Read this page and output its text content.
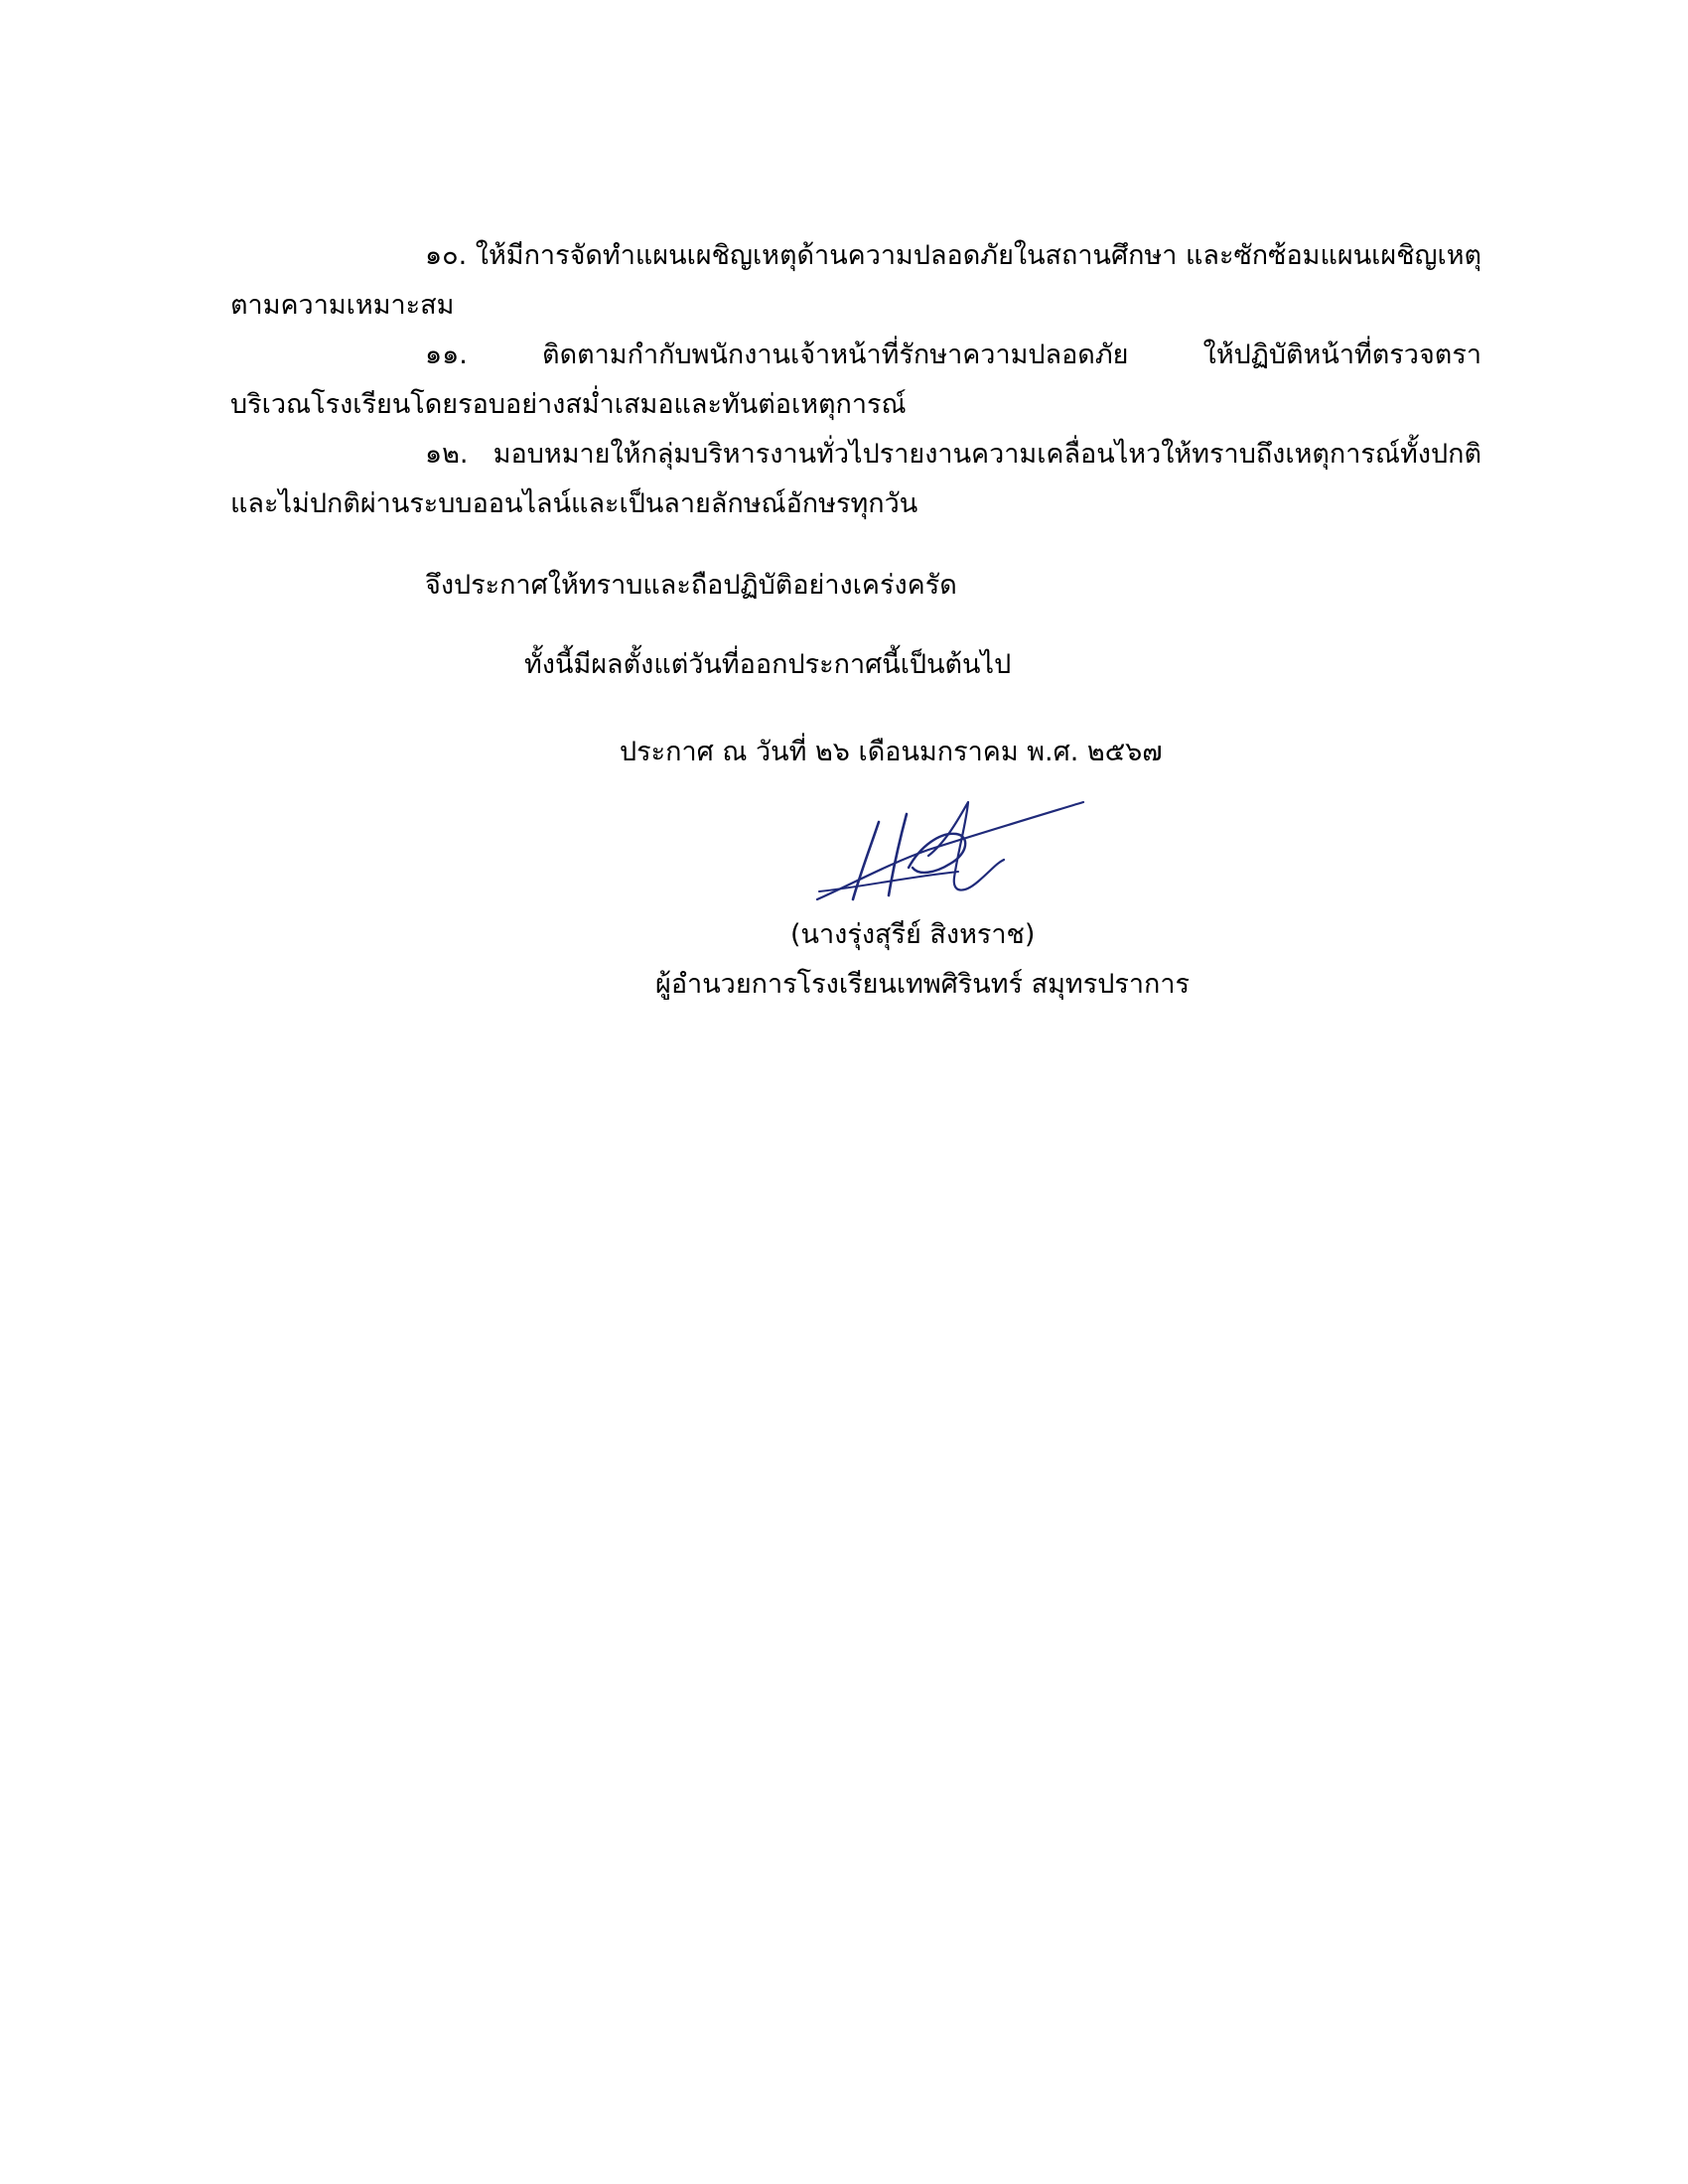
๑๐. ให้มีการจัดทำแผนเผชิญเหตุด้านความปลอดภัยในสถานศึกษา และซักซ้อมแผนเผชิญเหตุ
ตามความเหมาะสม
๑๑. ติดตามกำกับพนักงานเจ้าหน้าที่รักษาความปลอดภัย ให้ปฏิบัติหน้าที่ตรวจตรา
บริเวณโรงเรียนโดยรอบอย่างสม่ำเสมอและทันต่อเหตุการณ์
๑๒. มอบหมายให้กลุ่มบริหารงานทั่วไปรายงานความเคลื่อนไหวให้ทราบถึงเหตุการณ์ทั้งปกติ
และไม่ปกติผ่านระบบออนไลน์และเป็นลายลักษณ์อักษรทุกวัน
จึงประกาศให้ทราบและถือปฏิบัติอย่างเคร่งครัด
ทั้งนี้มีผลตั้งแต่วันที่ออกประกาศนี้เป็นต้นไป
ประกาศ ณ วันที่ ๒๖ เดือนมกราคม พ.ศ. ๒๕๖๗
(นางรุ่งสุรีย์ สิงหราช)
ผู้อำนวยการโรงเรียนเทพศิรินทร์ สมุทรปราการ
